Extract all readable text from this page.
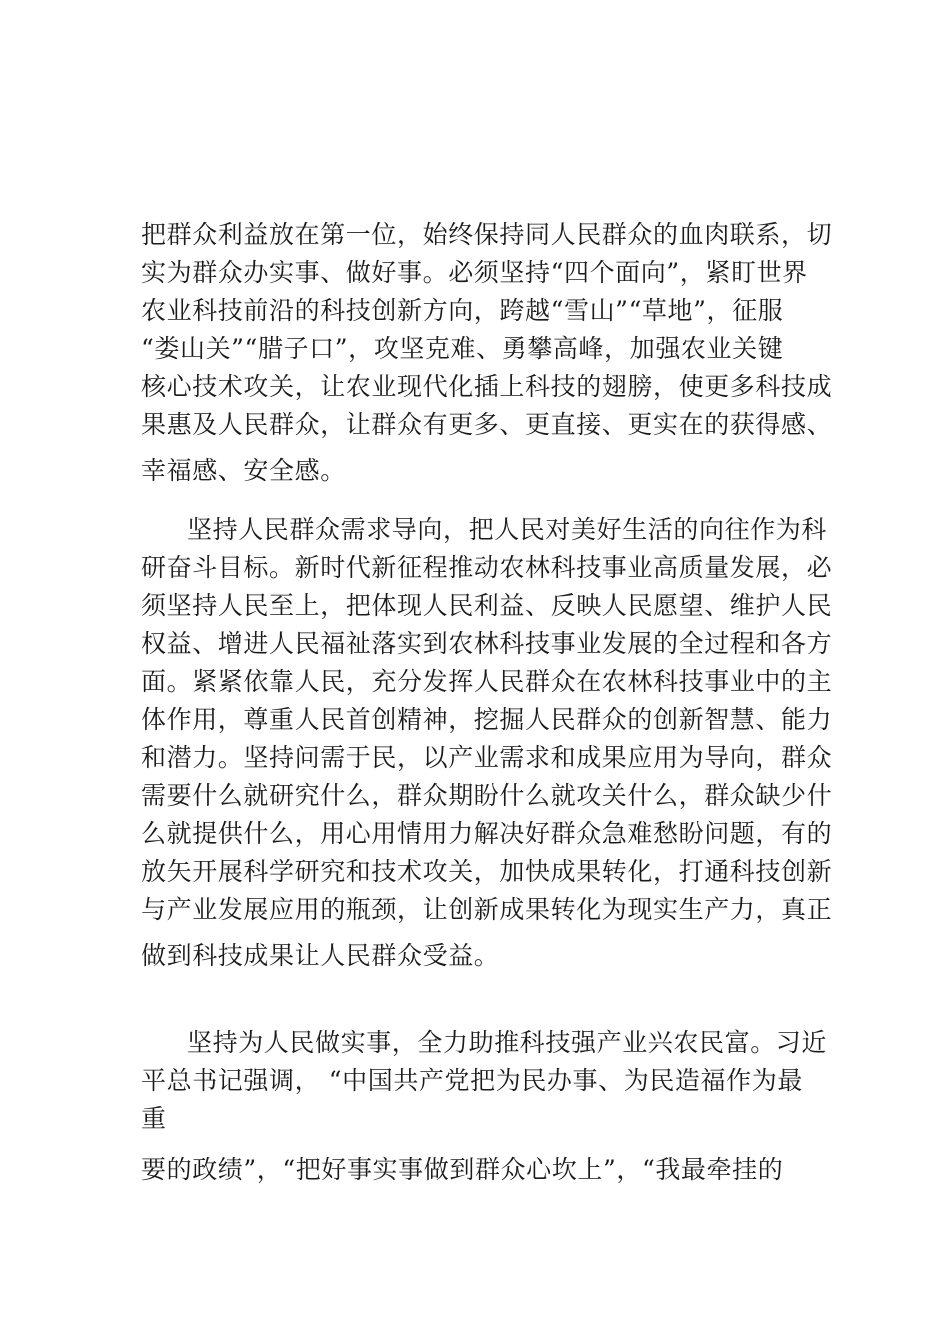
把群众利益放在第一位，始终保持同人民群众的血肉联系，切
实为群众办实事、做好事。必须坚持“四个面向”，紧盯世界
农业科技前沿的科技创新方向，跨越“雪山”“草地”，征服
“娄山关”“腊子口”，攻坚克难、勇攀高峰，加强农业关键
核心技术攻关，让农业现代化插上科技的翅膀，使更多科技成
果惠及人民群众，让群众有更多、更直接、更实在的获得感、
幸福感、安全感。
坚持人民群众需求导向，把人民对美好生活的向往作为科
研奋斗目标。新时代新征程推动农林科技事业高质量发展，必
须坚持人民至上，把体现人民利益、反映人民愿望、维护人民
权益、增进人民福祉落实到农林科技事业发展的全过程和各方
面。紧紧依靠人民，充分发挥人民群众在农林科技事业中的主
体作用，尊重人民首创精神，挖掘人民群众的创新智慧、能力
和潜力。坚持问需于民，以产业需求和成果应用为导向，群众
需要什么就研究什么，群众期盼什么就攻关什么，群众缺少什
么就提供什么，用心用情用力解决好群众急难愁盼问题，有的
放矢开展科学研究和技术攻关，加快成果转化，打通科技创新
与产业发展应用的瓶颈，让创新成果转化为现实生产力，真正
做到科技成果让人民群众受益。
坚持为人民做实事，全力助推科技强产业兴农民富。习近
平总书记强调， “中国共产党把为民办事、为民造福作为最
重
要的政绩”，“把好事实事做到群众心坎上”，“我最牵挂的
